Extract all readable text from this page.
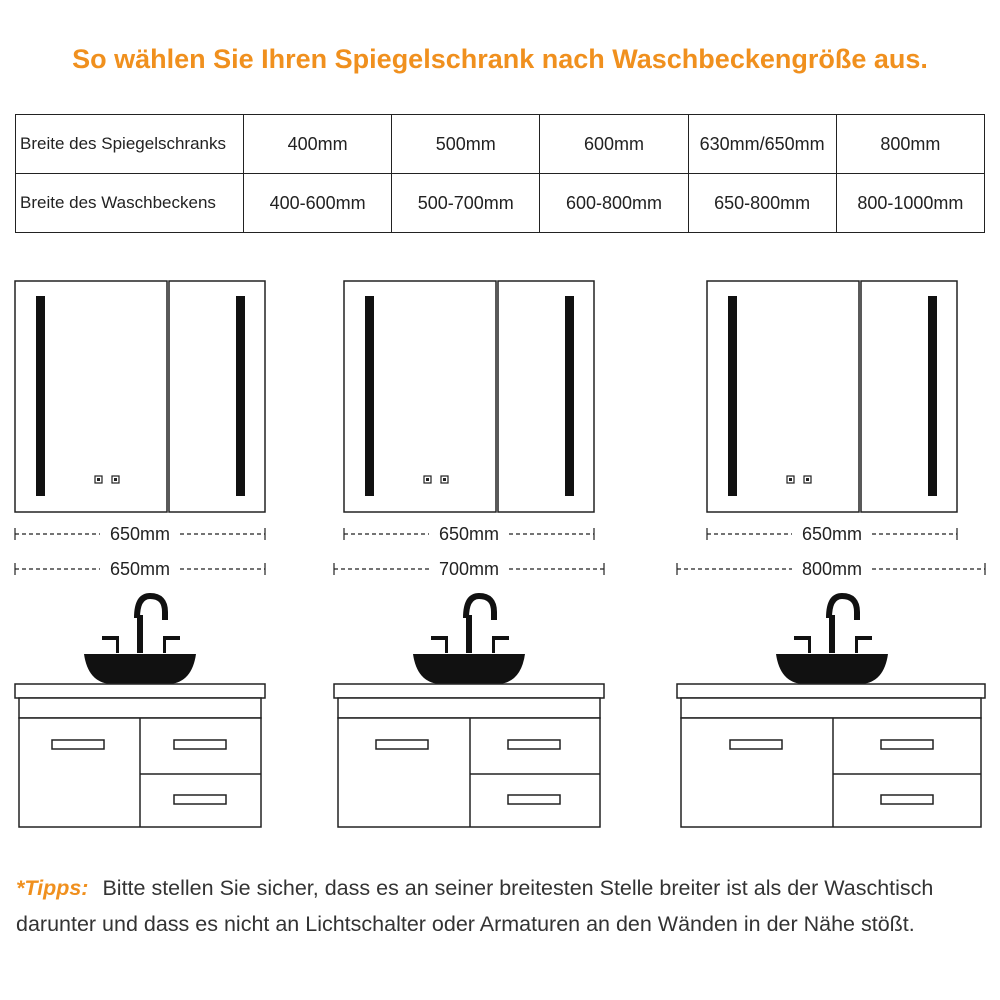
So wählen Sie Ihren Spiegelschrank nach Waschbeckengröße aus.
Breite des Spiegelschranks	400mm	500mm	600mm	630mm/650mm	800mm
Breite des Waschbeckens	400-600mm	500-700mm	600-800mm	650-800mm	800-1000mm
650mm
650mm
650mm
700mm
650mm
800mm
*Tipps: Bitte stellen Sie sicher, dass es an seiner breitesten Stelle breiter ist als der Waschtisch darunter und dass es nicht an Lichtschalter oder Armaturen an den Wänden in der Nähe stößt.
